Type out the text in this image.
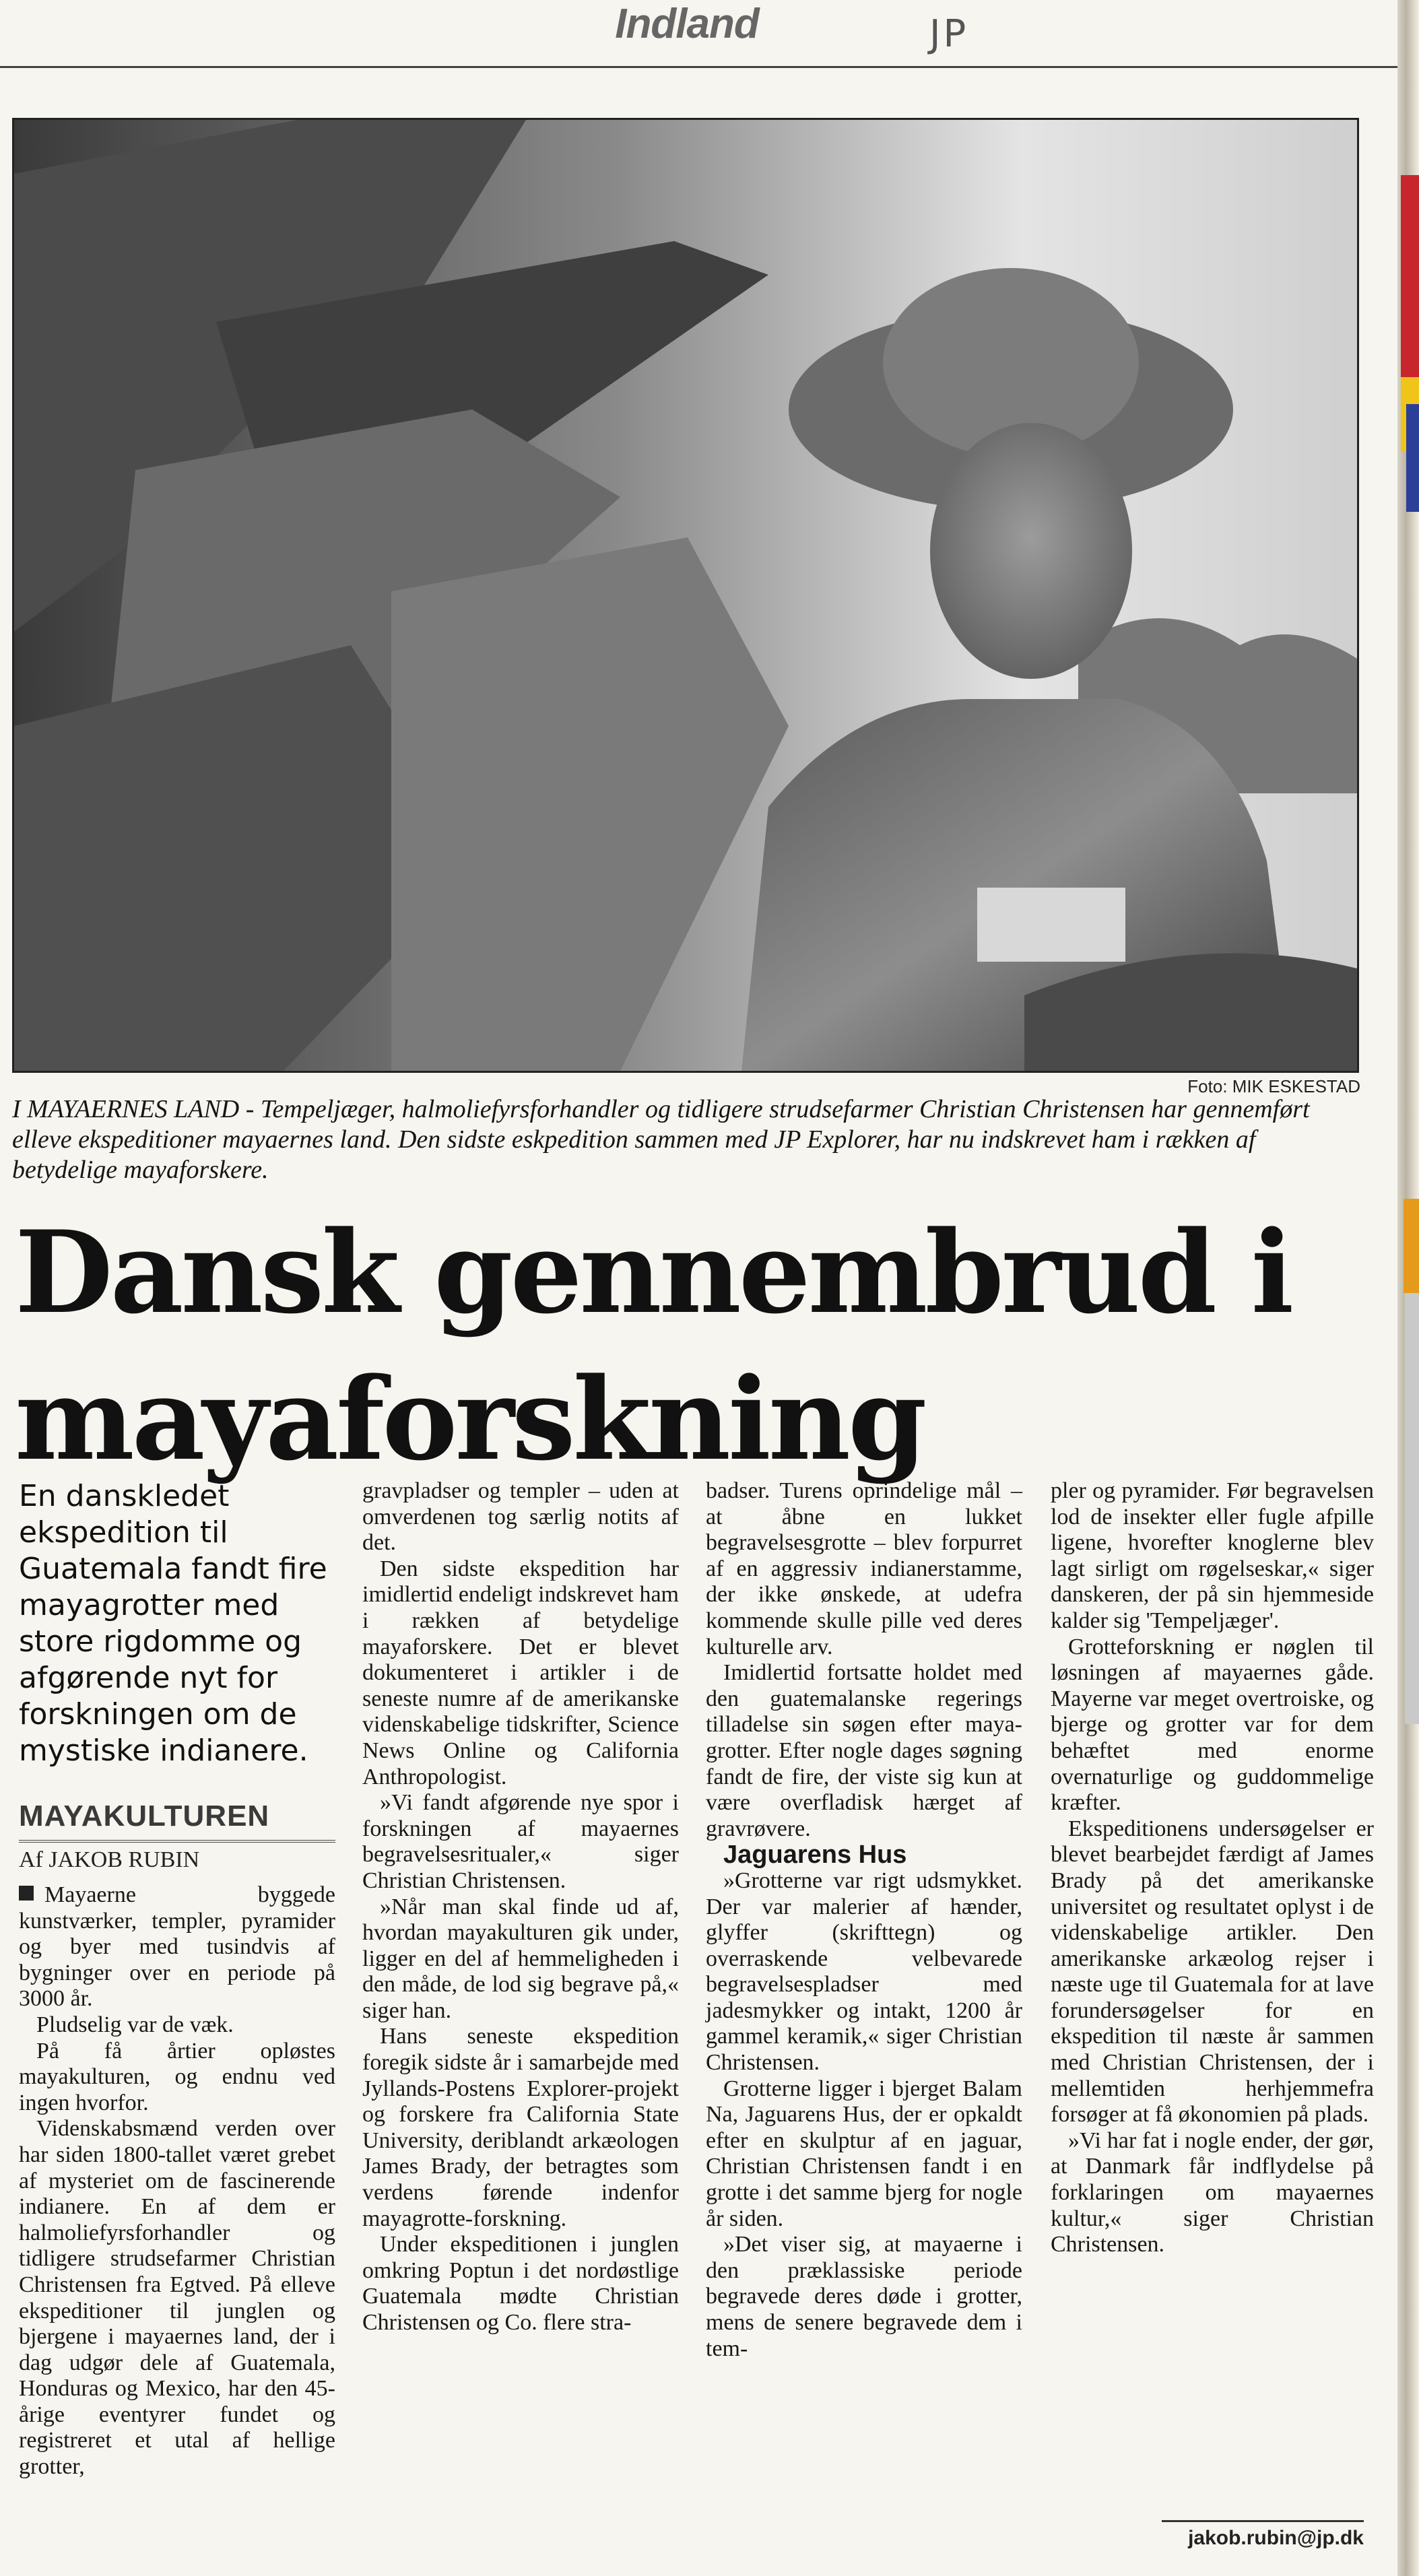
Indland	JP
Foto: MIK ESKESTAD
I MAYAERNES LAND - Tempeljæger, halmoliefyrsforhandler og tidligere strudsefarmer Christian Christensen har gennemført elleve ekspeditioner mayaernes land. Den sidste eskpedition sammen med JP Explorer, har nu indskrevet ham i rækken af betydelige mayaforskere.
Dansk gennembrud i mayaforskning
En danskledet ekspedition til Guatemala fandt fire mayagrotter med store rigdomme og afgørende nyt for forskningen om de mystiske indianere.
MAYAKULTUREN
Af JAKOB RUBIN

Mayaerne byggede kunstværker, templer, pyramider og byer med tusindvis af bygninger over en periode på 3000 år.

Pludselig var de væk.

På få årtier opløstes mayakulturen, og endnu ved ingen hvorfor.

Videnskabsmænd verden over har siden 1800-tallet været grebet af mysteriet om de fascinerende indianere. En af dem er halmoliefyrsforhandler og tidligere strudsefarmer Christian Christensen fra Egtved. På elleve ekspeditioner til junglen og bjergene i mayaernes land, der i dag udgør dele af Guatemala, Honduras og Mexico, har den 45-årige eventyrer fundet og registreret et utal af hellige grotter,

gravpladser og templer – uden at omverdenen tog særlig notits af det.

Den sidste ekspedition har imidlertid endeligt indskrevet ham i rækken af betydelige mayaforskere. Det er blevet dokumenteret i artikler i de seneste numre af de amerikanske videnskabelige tidskrifter, Science News Online og California Anthropologist.

»Vi fandt afgørende nye spor i forskningen af mayaernes begravelsesritualer,« siger Christian Christensen.

»Når man skal finde ud af, hvordan mayakulturen gik under, ligger en del af hemmeligheden i den måde, de lod sig begrave på,« siger han.

Hans seneste ekspedition foregik sidste år i samarbejde med Jyllands-Postens Explorer-projekt og forskere fra California State University, deriblandt arkæologen James Brady, der betragtes som verdens førende indenfor mayagrotte-forskning.

Under ekspeditionen i junglen omkring Poptun i det nordøstlige Guatemala mødte Christian Christensen og Co. flere stra-

badser. Turens oprindelige mål – at åbne en lukket begravelsesgrotte – blev forpurret af en aggressiv indianerstamme, der ikke ønskede, at udefra kommende skulle pille ved deres kulturelle arv.

Imidlertid fortsatte holdet med den guatemalanske regerings tilladelse sin søgen efter maya-grotter. Efter nogle dages søgning fandt de fire, der viste sig kun at være overfladisk hærget af gravrøvere.

Jaguarens Hus

»Grotterne var rigt udsmykket. Der var malerier af hænder, glyffer (skrifttegn) og overraskende velbevarede begravelsespladser med jadesmykker og intakt, 1200 år gammel keramik,« siger Christian Christensen.

Grotterne ligger i bjerget Balam Na, Jaguarens Hus, der er opkaldt efter en skulptur af en jaguar, Christian Christensen fandt i en grotte i det samme bjerg for nogle år siden.

»Det viser sig, at mayaerne i den præklassiske periode begravede deres døde i grotter, mens de senere begravede dem i tem-

pler og pyramider. Før begravelsen lod de insekter eller fugle afpille ligene, hvorefter knoglerne blev lagt sirligt om røgelseskar,« siger danskeren, der på sin hjemmeside kalder sig 'Tempeljæger'.

Grotteforskning er nøglen til løsningen af mayaernes gåde. Mayerne var meget overtroiske, og bjerge og grotter var for dem behæftet med enorme overnaturlige og guddommelige kræfter.

Ekspeditionens undersøgelser er blevet bearbejdet færdigt af James Brady på det amerikanske universitet og resultatet oplyst i de videnskabelige artikler. Den amerikanske arkæolog rejser i næste uge til Guatemala for at lave forundersøgelser for en ekspedition til næste år sammen med Christian Christensen, der i mellemtiden herhjemmefra forsøger at få økonomien på plads.

»Vi har fat i nogle ender, der gør, at Danmark får indflydelse på forklaringen om mayaernes kultur,« siger Christian Christensen.

jakob.rubin@jp.dk
